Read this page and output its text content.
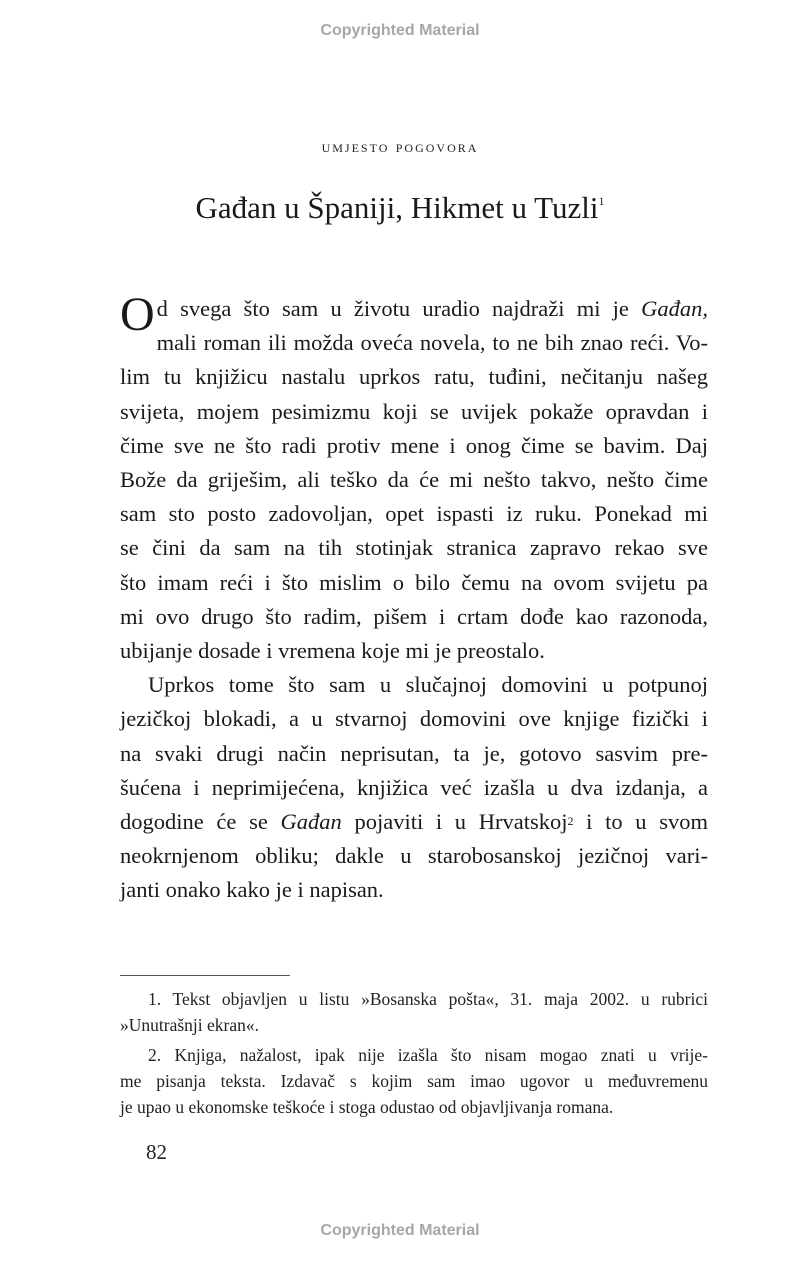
Copyrighted Material
umjesto pogovora
Gađan u Španiji, Hikmet u Tuzli$^1$

O d svega što sam u životu uradio najdraži mi je Gađan,
mali roman ili možda oveća novela, to ne bih znao reći. Vo-
lim tu knjižicu nastalu uprkos ratu, tuđini, nečitanju našeg
svijeta, mojem pesimizmu koji se uvijek pokaže opravdan i
čime sve ne što radi protiv mene i onog čime se bavim. Daj
Bože da griješim, ali teško da će mi nešto takvo, nešto čime
sam sto posto zadovoljan, opet ispasti iz ruku. Ponekad mi
se čini da sam na tih stotinjak stranica zapravo rekao sve
što imam reći i što mislim o bilo čemu na ovom svijetu pa
mi ovo drugo što radim, pišem i crtam dođe kao razonoda,
ubijanje dosade i vremena koje mi je preostalo.

Uprkos tome što sam u slučajnoj domovini u potpunoj
jezičkoj blokadi, a u stvarnoj domovini ove knjige fizički i
na svaki drugi način neprisutan, ta je, gotovo sasvim pre-
šućena i neprimijećena, knjižica već izašla u dva izdanja, a
dogodine će se Gađan pojaviti i u Hrvatskoj$^2$ i to u svom
neokrnjenom obliku; dakle u starobosanskoj jezičnoj vari-
janti onako kako je i napisan.

1. Tekst objavljen u listu »Bosanska pošta«, 31. maja 2002. u rubrici
»Unutrašnji ekran«.
2. Knjiga, nažalost, ipak nije izašla što nisam mogao znati u vrije-
me pisanja teksta. Izdavač s kojim sam imao ugovor u međuvremenu
je upao u ekonomske teškoće i stoga odustao od objavljivanja romana.
82
Copyrighted Material
